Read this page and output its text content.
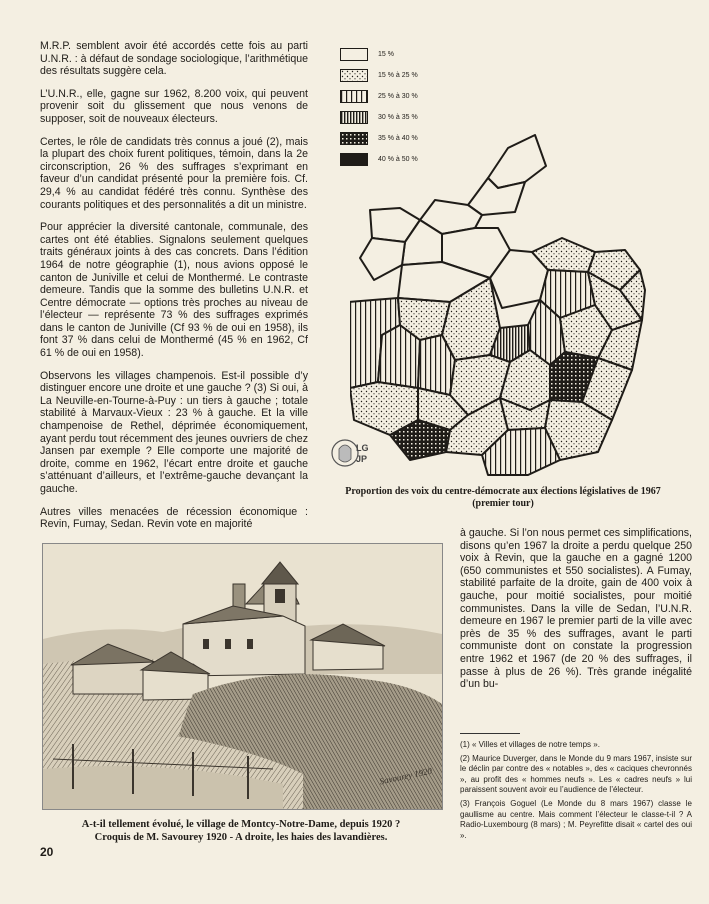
M.R.P. semblent avoir été accordés cette fois au parti U.N.R. : à défaut de sondage sociologique, l’arithmétique des résultats suggère cela.

L’U.N.R., elle, gagne sur 1962, 8.200 voix, qui peuvent provenir soit du glissement que nous venons de supposer, soit de nouveaux électeurs.

Certes, le rôle de candidats très connus a joué (2), mais la plupart des choix furent politiques, témoin, dans la 2e circonscription, 26 % des suffrages s’exprimant en faveur d’un candidat présenté pour la première fois. Cf. 29,4 % au candidat fédéré très connu. Synthèse des courants politiques et des personnalités a dit un ministre.

Pour apprécier la diversité cantonale, communale, des cartes ont été établies. Signalons seulement quelques traits généraux joints à des cas concrets. Dans l’édition 1964 de notre géographie (1), nous avions opposé le canton de Juniville et celui de Monthermé. Le contraste demeure. Tandis que la somme des bulletins U.N.R. et Centre démocrate — options très proches au niveau de l’électeur — représente 73 % des suffrages exprimés dans le canton de Juniville (Cf 93 % de oui en 1958), ils font 37 % dans celui de Monthermé (45 % en 1962, Cf 61 % de oui en 1958).

Observons les villages champenois. Est-il possible d’y distinguer encore une droite et une gauche ? (3) Si oui, à La Neuville-en-Tourne-à-Puy : un tiers à gauche ; totale stabilité à Marvaux-Vieux : 23 % à gauche. Et la ville champenoise de Rethel, déprimée économiquement, ayant perdu tout récemment des jeunes ouvriers de chez Jansen par exemple ? Elle comporte une majorité de droite, comme en 1962, l’écart entre droite et gauche s’atténuant d’ailleurs, et l’extrême-gauche devançant la gauche.

Autres villes menacées de récession économique : Revin, Fumay, Sedan. Revin vote en majorité

15 %
15 % à 25 %
25 % à 30 %
30 % à 35 %
35 % à 40 %
40 % à 50 %
LG
JP
Proportion des voix du centre-démocrate aux élections législatives de 1967
(premier tour)

à gauche. Si l’on nous permet ces simplifications, disons qu’en 1967 la droite a perdu quelque 250 voix à Revin, que la gauche en a gagné 1200 (650 communistes et 550 socialistes). A Fumay, stabilité parfaite de la droite, gain de 400 voix à gauche, pour moitié socialistes, pour moitié communistes. Dans la ville de Sedan, l’U.N.R. demeure en 1967 le premier parti de la ville avec près de 35 % des suffrages, avant le parti communiste dont on constate la progression entre 1962 et 1967 (de 20 % des suffrages, il passe à plus de 26 %). Très grande inégalité d’un bu-

Savourey 1920
A-t-il tellement évolué, le village de Montcy-Notre-Dame, depuis 1920 ?
Croquis de M. Savourey 1920 - A droite, les haies des lavandières.

(1) « Villes et villages de notre temps ».

(2) Maurice Duverger, dans le Monde du 9 mars 1967, insiste sur le déclin par contre des « notables », des « caciques chevronnés », au profit des « hommes neufs ». Les « cadres neufs » lui paraissent souvent avoir eu l’audience de l’électeur.

(3) François Goguel (Le Monde du 8 mars 1967) classe le gaullisme au centre. Mais comment l’électeur le classe-t-il ? A Radio-Luxembourg (8 mars) ; M. Peyrefitte disait « cartel des oui ».

20
